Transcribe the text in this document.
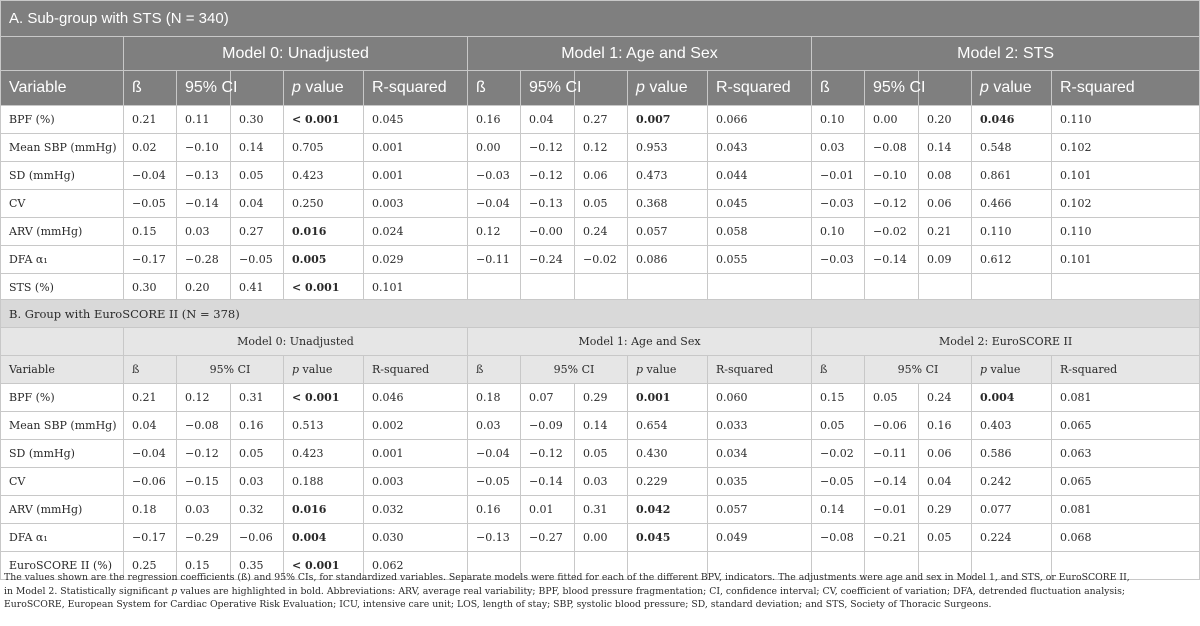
A. Sub-group with STS (N = 340)															
	Model 0: Unadjusted					Model 1: Age and Sex					Model 2: STS				
Variable	ß	95% CI		p value	R-squared	ß	95% CI		p value	R-squared	ß	95% CI		p value	R-squared
BPF (%)	0.21	0.11	0.30	< 0.001	0.045	0.16	0.04	0.27	0.007	0.066	0.10	0.00	0.20	0.046	0.110
Mean SBP (mmHg)	0.02	−0.10	0.14	0.705	0.001	0.00	−0.12	0.12	0.953	0.043	0.03	−0.08	0.14	0.548	0.102
SD (mmHg)	−0.04	−0.13	0.05	0.423	0.001	−0.03	−0.12	0.06	0.473	0.044	−0.01	−0.10	0.08	0.861	0.101
CV	−0.05	−0.14	0.04	0.250	0.003	−0.04	−0.13	0.05	0.368	0.045	−0.03	−0.12	0.06	0.466	0.102
ARV (mmHg)	0.15	0.03	0.27	0.016	0.024	0.12	−0.00	0.24	0.057	0.058	0.10	−0.02	0.21	0.110	0.110
DFA α₁	−0.17	−0.28	−0.05	0.005	0.029	−0.11	−0.24	−0.02	0.086	0.055	−0.03	−0.14	0.09	0.612	0.101
STS (%)	0.30	0.20	0.41	< 0.001	0.101										
B. Group with EuroSCORE II (N = 378)															
	Model 0: Unadjusted					Model 1: Age and Sex					Model 2: EuroSCORE II				
Variable	ß	95% CI		p value	R-squared	ß	95% CI		p value	R-squared	ß	95% CI		p value	R-squared
BPF (%)	0.21	0.12	0.31	< 0.001	0.046	0.18	0.07	0.29	0.001	0.060	0.15	0.05	0.24	0.004	0.081
Mean SBP (mmHg)	0.04	−0.08	0.16	0.513	0.002	0.03	−0.09	0.14	0.654	0.033	0.05	−0.06	0.16	0.403	0.065
SD (mmHg)	−0.04	−0.12	0.05	0.423	0.001	−0.04	−0.12	0.05	0.430	0.034	−0.02	−0.11	0.06	0.586	0.063
CV	−0.06	−0.15	0.03	0.188	0.003	−0.05	−0.14	0.03	0.229	0.035	−0.05	−0.14	0.04	0.242	0.065
ARV (mmHg)	0.18	0.03	0.32	0.016	0.032	0.16	0.01	0.31	0.042	0.057	0.14	−0.01	0.29	0.077	0.081
DFA α₁	−0.17	−0.29	−0.06	0.004	0.030	−0.13	−0.27	0.00	0.045	0.049	−0.08	−0.21	0.05	0.224	0.068
EuroSCORE II (%)	0.25	0.15	0.35	< 0.001	0.062										
The values shown are the regression coefficients (ß) and 95% CIs, for standardized variables. Separate models were fitted for each of the different BPV, indicators. The adjustments were age and sex in Model 1, and STS, or EuroSCORE II, in Model 2. Statistically significant p values are highlighted in bold. Abbreviations: ARV, average real variability; BPF, blood pressure fragmentation; CI, confidence interval; CV, coefficient of variation; DFA, detrended fluctuation analysis; EuroSCORE, European System for Cardiac Operative Risk Evaluation; ICU, intensive care unit; LOS, length of stay; SBP, systolic blood pressure; SD, standard deviation; and STS, Society of Thoracic Surgeons.
